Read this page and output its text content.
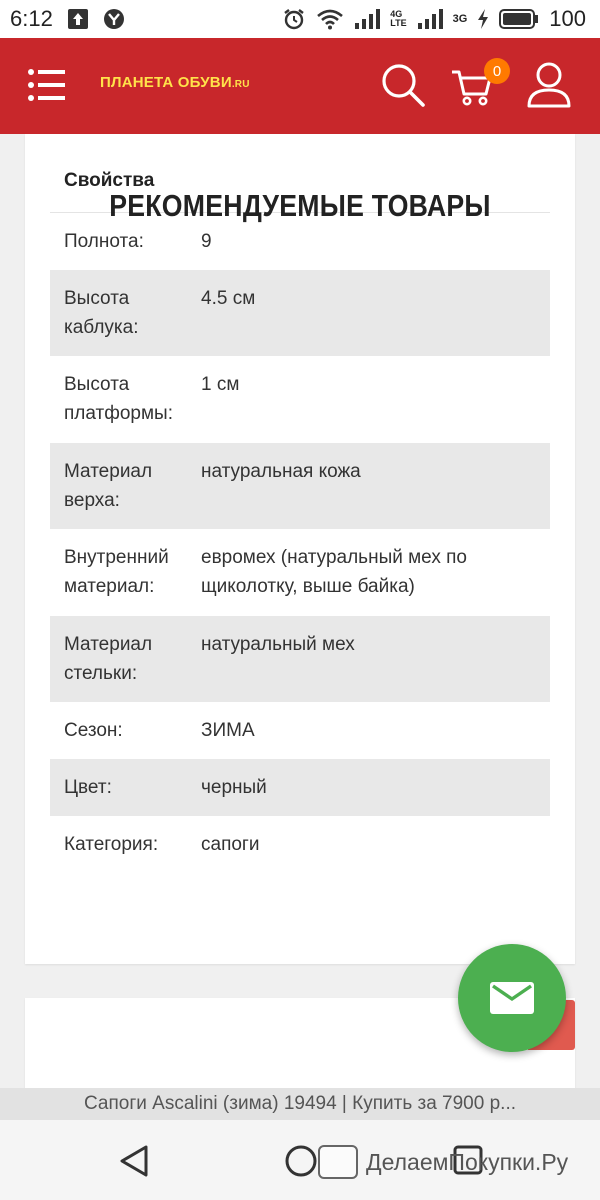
6:12	4G
LTE	3G	100
ПЛАНЕТА ОБУВИ.RU
0
Свойства
Полнота:	9
Высота каблука:
4.5 см
Высота платформы:
1 см
Материал верха:
натуральная кожа
Внутренний материал:
евромех (натуральный мех по щиколотку, выше байка)
Материал стельки:
натуральный мех
Сезон:	ЗИМА
Цвет:	черный
Категория:	сапоги
РЕКОМЕНДУЕМЫЕ ТОВАРЫ
Сапоги Ascalini (зима) 19494 | Купить за 7900 р...
ДелаемПокупки.Ру
